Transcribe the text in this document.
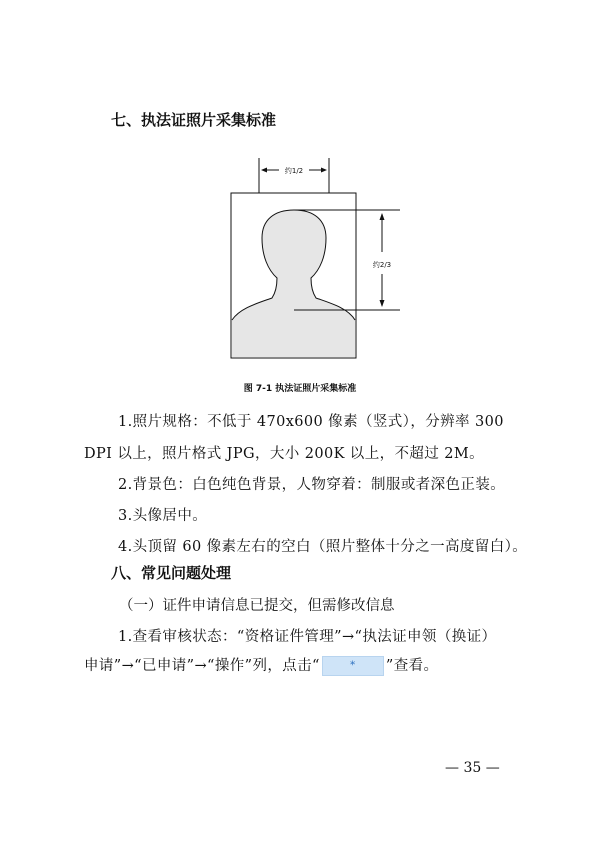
七、执法证照片采集标准
约1/2
约2/3
图 7-1 执法证照片采集标准
1.照片规格：不低于 470x600 像素（竖式），分辨率 300
DPI 以上，照片格式 JPG，大小 200K 以上，不超过 2M。
2.背景色：白色纯色背景，人物穿着：制服或者深色正装。
3.头像居中。
4.头顶留 60 像素左右的空白（照片整体十分之一高度留白）。
八、常见问题处理
（一）证件申请信息已提交，但需修改信息
1.查看审核状态：“资格证件管理”→“执法证申领（换证）
申请”→“已申请”→“操作”列，点击“	* ”查看。
— 35 —
